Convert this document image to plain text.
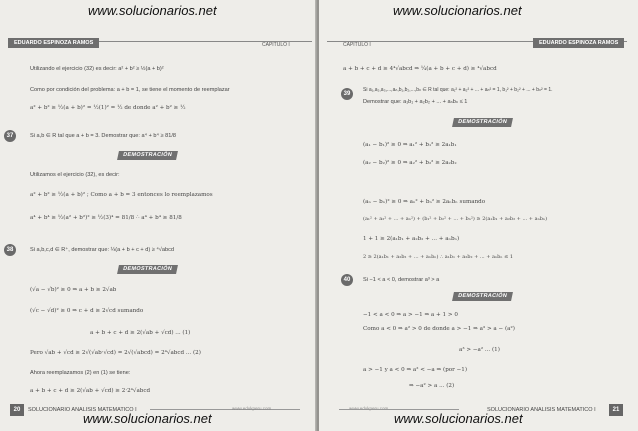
EDUARDO ESPINOZA RAMOS	CAPITULO I
Utilizando el ejercicio (32) es decir: a² + b² ≥ ½(a + b)²
Como por condición del problema: a + b = 1, se tiene el momento de reemplazar
a² + b² ≥ ½(a + b)² = ½(1)² = ½ de donde a² + b² ≥ ½
37	Si a,b ∈ R tal que a + b = 3. Demostrar que: a⁴ + b⁴ ≥ 81/8
DEMOSTRACIÓN
Utilizamos el ejercicio (32), es decir:
a² + b² ≥ ½(a + b)² ; Como a + b = 3 entonces lo reemplazamos
a⁴ + b⁴ ≥ ½(a² + b²)² ≥ ½(3)⁴ = 81/8 ∴ a⁴ + b⁴ ≥ 81/8
38	Si a,b,c,d ∈ R⁺, demostrar que: ¼(a + b + c + d) ≥ ⁴√abcd
DEMOSTRACIÓN
(√a − √b)² ≥ 0 ⇒ a + b ≥ 2√ab
(√c − √d)² ≥ 0 ⇒ c + d ≥ 2√cd sumando
a + b + c + d ≥ 2(√ab + √cd) ... (1)
Pero √ab + √cd ≥ 2√(√ab·√cd) = 2√(√abcd) = 2⁴√abcd ... (2)
Ahora reemplazamos (2) en (1) se tiene:
a + b + c + d ≥ 2(√ab + √cd) ≥ 2·2⁴√abcd
20	SOLUCIONARIO ANALISIS MATEMATICO I	www.edukperu.com
www.solucionarios.net
www.solucionarios.net
CAPITULO I	EDUARDO ESPINOZA RAMOS
a + b + c + d ≥ 4⁴√abcd ⇒ ¼(a + b + c + d) ≥ ⁴√abcd
39
Si a₁,a₂,a₃,...,aₙ,b₁,b₂,...,bₙ ∈ R tal que: a₁² + a₂² + ... + aₙ² = 1, b₁² + b₂² + ... + bₙ² = 1.
Demostrar que: a₁b₁ + a₂b₂ + ... + aₙbₙ ≤ 1
DEMOSTRACIÓN
(a₁ − b₁)² ≥ 0 ⇒ a₁² + b₁² ≥ 2a₁b₁
(a₂ − b₂)² ≥ 0 ⇒ a₂² + b₂² ≥ 2a₂b₂
(aₙ − bₙ)² ≥ 0 ⇒ aₙ² + bₙ² ≥ 2aₙbₙ sumando
(a₁² + a₂² + ... + aₙ²) + (b₁² + b₂² + ... + bₙ²) ≥ 2(a₁b₁ + a₂b₂ + ... + aₙbₙ)
1 + 1 ≥ 2(a₁b₁ + a₂b₂ + ... + aₙbₙ)
2 ≥ 2(a₁b₁ + a₂b₂ + ... + aₙbₙ) ∴ a₁b₁ + a₂b₂ + ... + aₙbₙ ≤ 1
40	Si −1 < a < 0, demostrar a³ > a
DEMOSTRACIÓN
−1 < a < 0 ⇒ a > −1 ⇒ a + 1 > 0
Como a < 0 ⇒ a² > 0 de donde a > −1 ⇒ a³ > a − (a²)
a³ > −a² ... (1)
a > −1 y a < 0 ⇒ a² < −a ⇒ (por −1)
⇒ −a² > a ... (2)
SOLUCIONARIO ANALISIS MATEMATICO I	21
www.solucionarios.net
www.solucionarios.net
